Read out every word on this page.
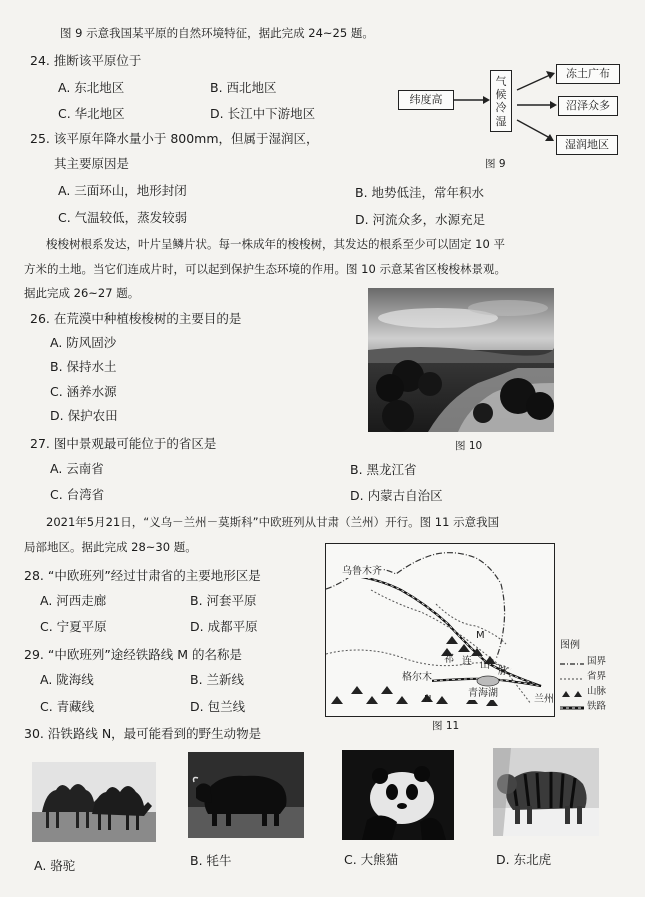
图 9 示意我国某平原的自然环境特征，据此完成 24~25 题。
24. 推断该平原位于
A. 东北地区	B. 西北地区
C. 华北地区	D. 长江中下游地区
纬度高
气候冷湿
冻土广布
沼泽众多
湿润地区
图 9
25. 该平原年降水量小于 800mm，但属于湿润区，
其主要原因是
A. 三面环山，地形封闭	B. 地势低洼，常年积水
C. 气温较低，蒸发较弱	D. 河流众多，水源充足
梭梭树根系发达，叶片呈鳞片状。每一株成年的梭梭树，其发达的根系至少可以固定 10 平
方米的土地。当它们连成片时，可以起到保护生态环境的作用。图 10 示意某省区梭梭林景观。
据此完成 26~27 题。
26. 在荒漠中种植梭梭树的主要目的是
A. 防风固沙
B. 保持水土
C. 涵养水源
D. 保护农田
图 10
27. 图中景观最可能位于的省区是
A. 云南省	B. 黑龙江省
C. 台湾省	D. 内蒙古自治区
2021年5月21日，“义乌－兰州－莫斯科”中欧班列从甘肃（兰州）开行。图 11 示意我国
局部地区。据此完成 28~30 题。
28. “中欧班列”经过甘肃省的主要地形区是
A. 河西走廊	B. 河套平原
C. 宁夏平原	D. 成都平原
29. “中欧班列”途经铁路线 M 的名称是
A. 陇海线	B. 兰新线
C. 青藏线	D. 包兰线
乌鲁木齐
M
祁 连 山
脉
格尔木
N
青海湖
兰州
图例
国界
省界
山脉
铁路
图 11
30. 沿铁路线 N，最可能看到的野生动物是
A. 骆驼	B. 牦牛	C. 大熊猫	D. 东北虎
